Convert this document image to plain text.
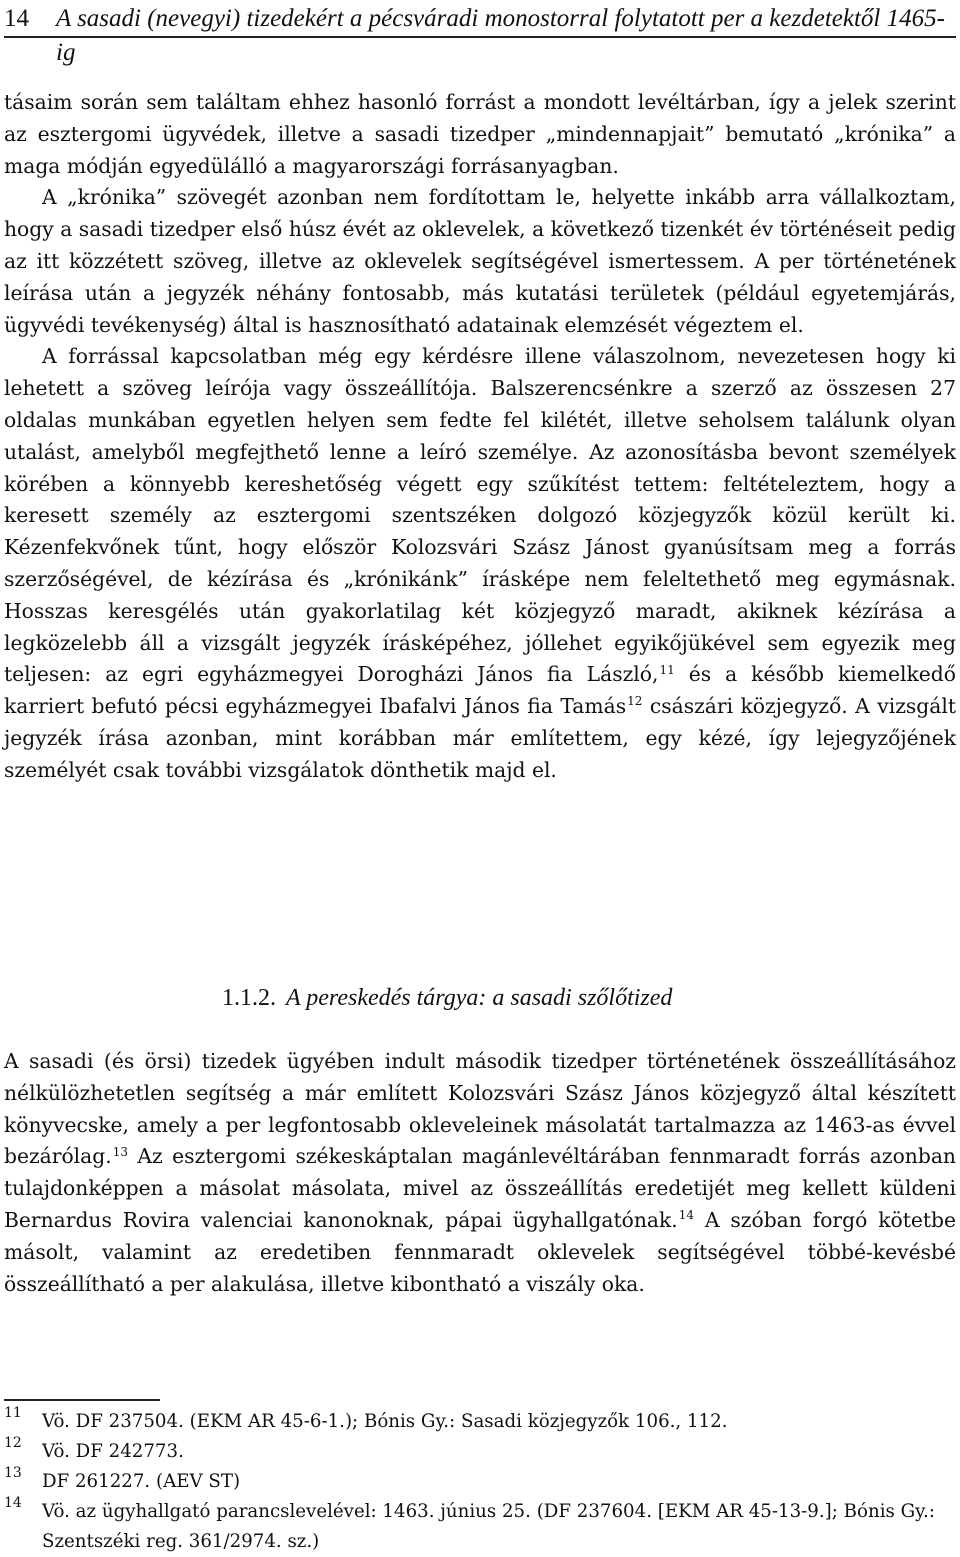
14 A sasadi (nevegyi) tizedekért a pécsváradi monostorral folytatott per a kezdetektől 1465-ig

tásaim során sem találtam ehhez hasonló forrást a mondott levéltárban, így a jelek szerint az esztergomi ügyvédek, illetve a sasadi tizedper „mindennapjait” bemutató „krónika” a maga módján egyedülálló a magyarországi forrásanyagban.

A „krónika” szövegét azonban nem fordítottam le, helyette inkább arra vállalkoztam, hogy a sasadi tizedper első húsz évét az oklevelek, a következő tizenkét év történéseit pedig az itt közzétett szöveg, illetve az oklevelek segítségével ismertessem. A per történetének leírása után a jegyzék néhány fontosabb, más kutatási területek (például egyetemjárás, ügyvédi tevékenység) által is hasznosítható adatainak elemzését végeztem el.

A forrással kapcsolatban még egy kérdésre illene válaszolnom, nevezetesen hogy ki lehetett a szöveg leírója vagy összeállítója. Balszerencsénkre a szerző az összesen 27 oldalas munkában egyetlen helyen sem fedte fel kilétét, illetve seholsem találunk olyan utalást, amelyből megfejthető lenne a leíró személye. Az azonosításba bevont személyek körében a könnyebb kereshetőség végett egy szűkítést tettem: feltételeztem, hogy a keresett személy az esztergomi szentszéken dolgozó közjegyzők közül került ki. Kézenfekvőnek tűnt, hogy először Kolozsvári Szász Jánost gyanúsítsam meg a forrás szerzőségével, de kézírása és „krónikánk” írásképe nem feleltethető meg egymásnak. Hosszas keresgélés után gyakorlatilag két közjegyző maradt, akiknek kézírása a legközelebb áll a vizsgált jegyzék írásképéhez, jóllehet egyikőjükével sem egyezik meg teljesen: az egri egyházmegyei Dorogházi János fia László,$^{11}$ és a később kiemelkedő karriert befutó pécsi egyházmegyei Ibafalvi János fia Tamás$^{12}$ császári közjegyző. A vizsgált jegyzék írása azonban, mint korábban már említettem, egy kézé, így lejegyzőjének személyét csak további vizsgálatok dönthetik majd el.

1.1.2. A pereskedés tárgya: a sasadi szőlőtized

A sasadi (és örsi) tizedek ügyében indult második tizedper történetének összeállításához nélkülözhetetlen segítség a már említett Kolozsvári Szász János közjegyző által készített könyvecske, amely a per legfontosabb okleveleinek másolatát tartalmazza az 1463-as évvel bezárólag.$^{13}$ Az esztergomi székeskáptalan magánlevéltárában fennmaradt forrás azonban tulajdonképpen a másolat másolata, mivel az összeállítás eredetijét meg kellett küldeni Bernardus Rovira valenciai kanonoknak, pápai ügyhallgatónak.$^{14}$ A szóban forgó kötetbe másolt, valamint az eredetiben fennmaradt oklevelek segítségével többé-kevésbé összeállítható a per alakulása, illetve kibontható a viszály oka.

11 Vö. DF 237504. (EKM AR 45-6-1.); Bónis Gy.: Sasadi közjegyzők 106., 112.

12 Vö. DF 242773.

13 DF 261227. (AEV ST)

14 Vö. az ügyhallgató parancslevelével: 1463. június 25. (DF 237604. [EKM AR 45-13-9.]; Bónis Gy.: Szentszéki reg. 361/2974. sz.)
